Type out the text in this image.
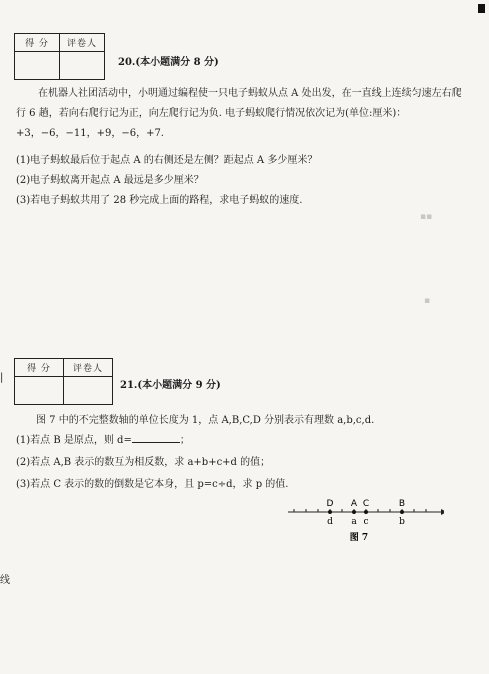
得 分	评卷人

20.(本小题满分 8 分)
在机器人社团活动中，小明通过编程使一只电子蚂蚁从点 A 处出发，在一直线上连续匀速左右爬行 6 趟，若向右爬行记为正，向左爬行记为负. 电子蚂蚁爬行情况依次记为(单位:厘米)：+3，−6，−11，+9，−6，+7.
(1)电子蚂蚁最后位于起点 A 的右侧还是左侧？距起点 A 多少厘米？
(2)电子蚂蚁离开起点 A 最远是多少厘米？
(3)若电子蚂蚁共用了 28 秒完成上面的路程，求电子蚂蚁的速度.
得 分	评卷人

21.(本小题满分 9 分)
图 7 中的不完整数轴的单位长度为 1，点 A,B,C,D 分别表示有理数 a,b,c,d.
(1)若点 B 是原点，则 d=	；
(2)若点 A,B 表示的数互为相反数，求 a+b+c+d 的值；
(3)若点 C 表示的数的倒数是它本身，且 p=c÷d，求 p 的值.
D
d
A
a
C
c
B
b
图 7
|
线
▪▪
▪
